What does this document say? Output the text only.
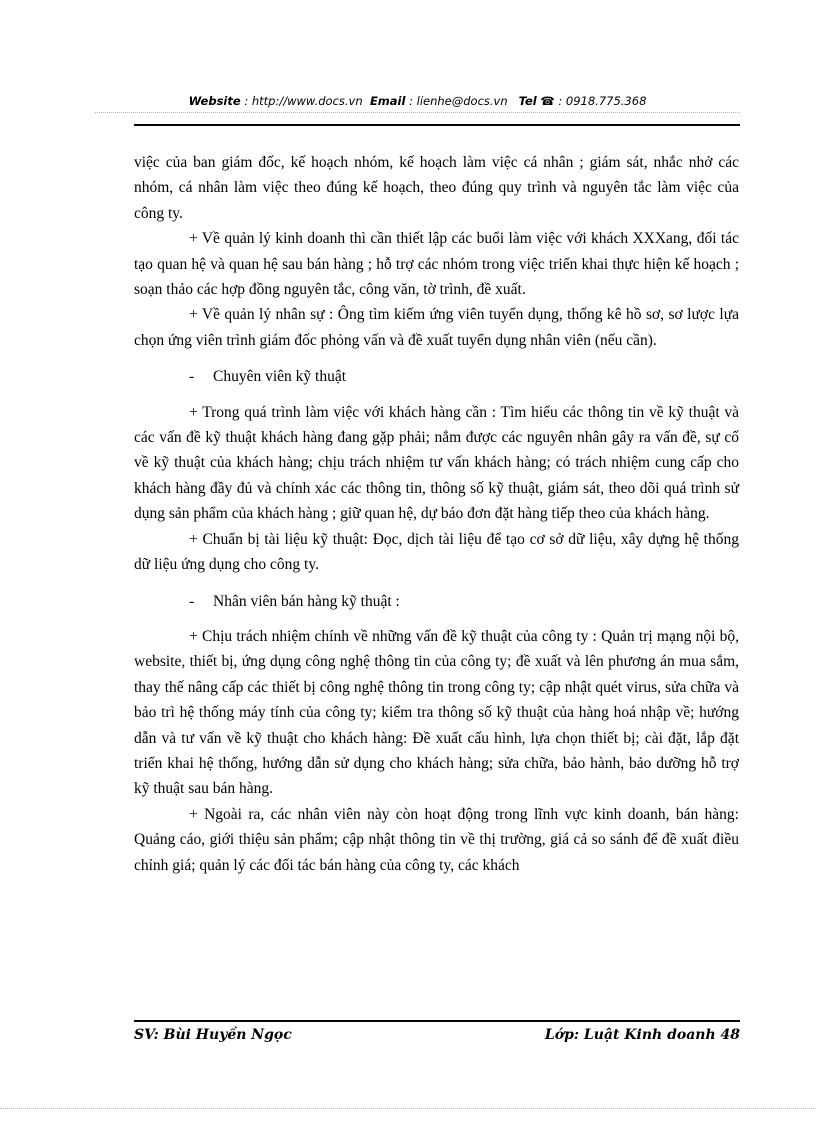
Website : http://www.docs.vn Email : lienhe@docs.vn Tel ☎ : 0918.775.368

việc của ban giám đốc, kế hoạch nhóm, kế hoạch làm việc cá nhân ; giám sát, nhắc nhở các nhóm, cá nhân làm việc theo đúng kế hoạch, theo đúng quy trình và nguyên tắc làm việc của công ty.

+ Về quản lý kinh doanh thì cần thiết lập các buổi làm việc với khách XXXang, đối tác tạo quan hệ và quan hệ sau bán hàng ; hỗ trợ các nhóm trong việc triển khai thực hiện kế hoạch ; soạn thảo các hợp đồng nguyên tắc, công văn, tờ trình, đề xuất.

+ Về quản lý nhân sự : Ông tìm kiếm ứng viên tuyển dụng, thống kê hồ sơ, sơ lược lựa chọn ứng viên trình giám đốc phỏng vấn và đề xuất tuyển dụng nhân viên (nếu cần).

- Chuyên viên kỹ thuật

+ Trong quá trình làm việc với khách hàng cần : Tìm hiểu các thông tin về kỹ thuật và các vấn đề kỹ thuật khách hàng đang gặp phải; nắm được các nguyên nhân gây ra vấn đề, sự cố về kỹ thuật của khách hàng; chịu trách nhiệm tư vấn khách hàng; có trách nhiệm cung cấp cho khách hàng đầy đủ và chính xác các thông tin, thông số kỹ thuật, giám sát, theo dõi quá trình sử dụng sản phẩm của khách hàng ; giữ quan hệ, dự báo đơn đặt hàng tiếp theo của khách hàng.

+ Chuẩn bị tài liệu kỹ thuật: Đọc, dịch tài liệu để tạo cơ sở dữ liệu, xây dựng hệ thống dữ liệu ứng dụng cho công ty.

- Nhân viên bán hàng kỹ thuật :

+ Chịu trách nhiệm chính về những vấn đề kỹ thuật của công ty : Quản trị mạng nội bộ, website, thiết bị, ứng dụng công nghệ thông tin của công ty; đề xuất và lên phương án mua sắm, thay thế nâng cấp các thiết bị công nghệ thông tin trong công ty; cập nhật quét virus, sửa chữa và bảo trì hệ thống máy tính của công ty; kiểm tra thông số kỹ thuật của hàng hoá nhập về; hướng dẫn và tư vấn về kỹ thuật cho khách hàng: Đề xuất cấu hình, lựa chọn thiết bị; cài đặt, lắp đặt triển khai hệ thống, hướng dẫn sử dụng cho khách hàng; sửa chữa, bảo hành, bảo dưỡng hỗ trợ kỹ thuật sau bán hàng.

+ Ngoài ra, các nhân viên này còn hoạt động trong lĩnh vực kinh doanh, bán hàng: Quảng cáo, giới thiệu sản phẩm; cập nhật thông tin về thị trường, giá cả so sánh để đề xuất điều chỉnh giá; quản lý các đối tác bán hàng của công ty, các khách

SV: Bùi Huyền Ngọc	Lớp: Luật Kinh doanh 48
